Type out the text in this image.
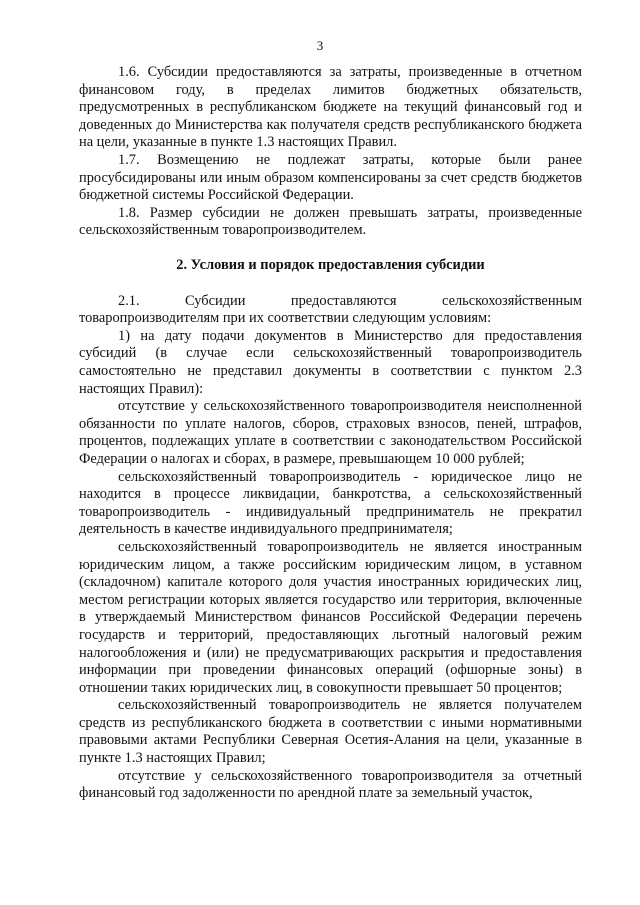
3

1.6. Субсидии предоставляются за затраты, произведенные в отчетном финансовом году, в пределах лимитов бюджетных обязательств, предусмотренных в республиканском бюджете на текущий финансовый год и доведенных до Министерства как получателя средств республиканского бюджета на цели, указанные в пункте 1.3 настоящих Правил.

1.7. Возмещению не подлежат затраты, которые были ранее просубсидированы или иным образом компенсированы за счет средств бюджетов бюджетной системы Российской Федерации.

1.8. Размер субсидии не должен превышать затраты, произведенные сельскохозяйственным товаропроизводителем.

2. Условия и порядок предоставления субсидии

2.1. Субсидии предоставляются сельскохозяйственным товаропроизводителям при их соответствии следующим условиям:

1) на дату подачи документов в Министерство для предоставления субсидий (в случае если сельскохозяйственный товаропроизводитель самостоятельно не представил документы в соответствии с пунктом 2.3 настоящих Правил):

отсутствие у сельскохозяйственного товаропроизводителя неисполненной обязанности по уплате налогов, сборов, страховых взносов, пеней, штрафов, процентов, подлежащих уплате в соответствии с законодательством Российской Федерации о налогах и сборах, в размере, превышающем 10 000 рублей;

сельскохозяйственный товаропроизводитель - юридическое лицо не находится в процессе ликвидации, банкротства, а сельскохозяйственный товаропроизводитель - индивидуальный предприниматель не прекратил деятельность в качестве индивидуального предпринимателя;

сельскохозяйственный товаропроизводитель не является иностранным юридическим лицом, а также российским юридическим лицом, в уставном (складочном) капитале которого доля участия иностранных юридических лиц, местом регистрации которых является государство или территория, включенные в утверждаемый Министерством финансов Российской Федерации перечень государств и территорий, предоставляющих льготный налоговый режим налогообложения и (или) не предусматривающих раскрытия и предоставления информации при проведении финансовых операций (офшорные зоны) в отношении таких юридических лиц, в совокупности превышает 50 процентов;

сельскохозяйственный товаропроизводитель не является получателем средств из республиканского бюджета в соответствии с иными нормативными правовыми актами Республики Северная Осетия-Алания на цели, указанные в пункте 1.3 настоящих Правил;

отсутствие у сельскохозяйственного товаропроизводителя за отчетный финансовый год задолженности по арендной плате за земельный участок,
